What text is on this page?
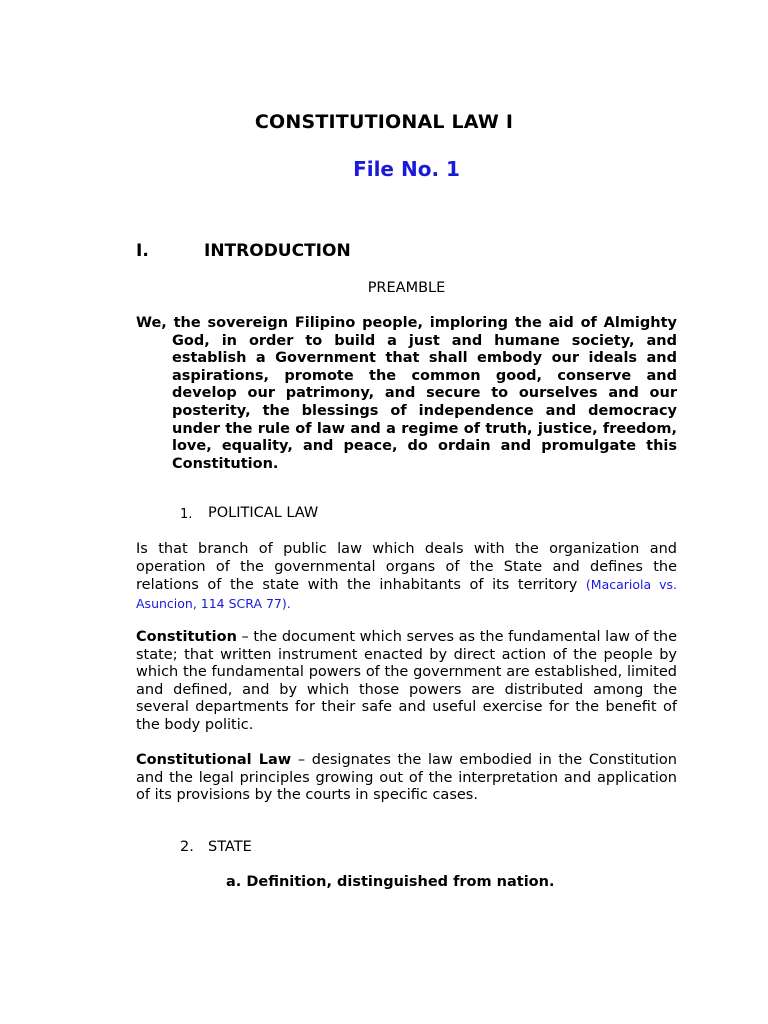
CONSTITUTIONAL LAW I
File No. 1
I.	INTRODUCTION
PREAMBLE
We, the sovereign Filipino people, imploring the aid of Almighty God, in order to build a just and humane society, and establish a Government that shall embody our ideals and aspirations, promote the common good, conserve and develop our patrimony, and secure to ourselves and our posterity, the blessings of independence and democracy under the rule of law and a regime of truth, justice, freedom, love, equality, and peace, do ordain and promulgate this Constitution.
1. POLITICAL LAW
Is that branch of public law which deals with the organization and operation of the governmental organs of the State and defines the relations of the state with the inhabitants of its territory (Macariola vs. Asuncion, 114 SCRA 77).
Constitution – the document which serves as the fundamental law of the state; that written instrument enacted by direct action of the people by which the fundamental powers of the government are established, limited and defined, and by which those powers are distributed among the several departments for their safe and useful exercise for the benefit of the body politic.
Constitutional Law – designates the law embodied in the Constitution and the legal principles growing out of the interpretation and application of its provisions by the courts in specific cases.
2. STATE
a. Definition, distinguished from nation.
